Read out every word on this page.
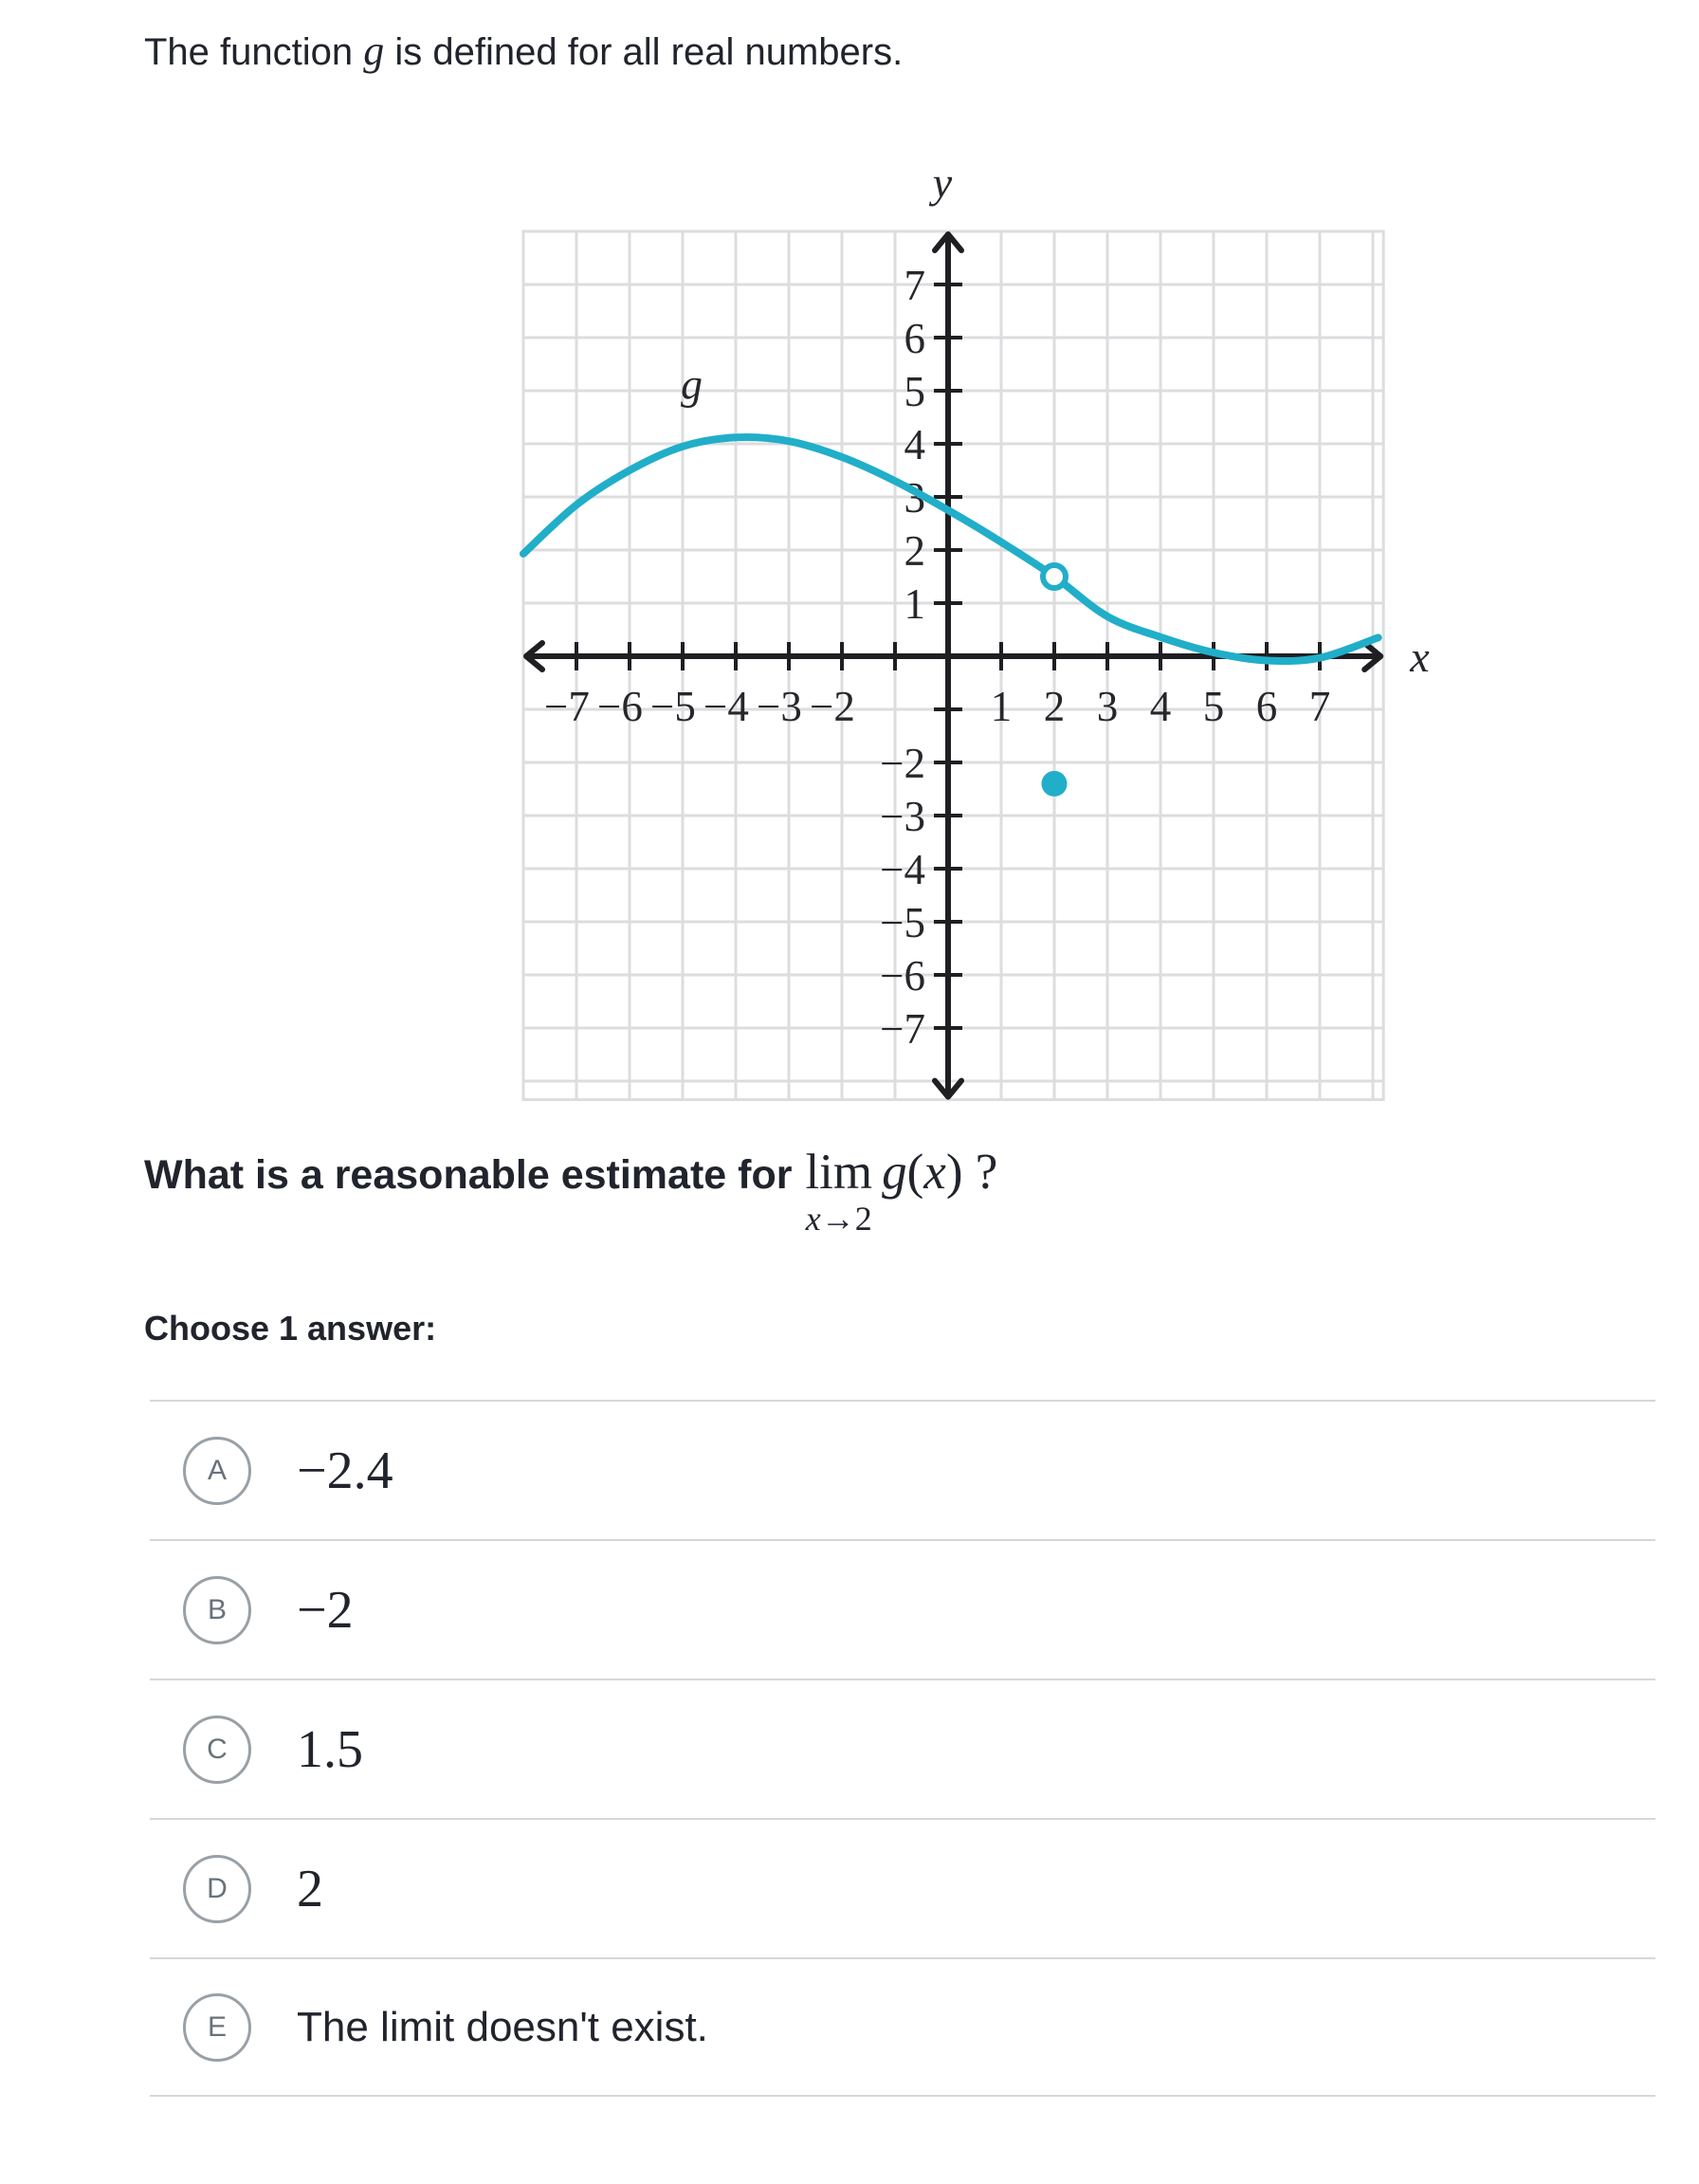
The function g is defined for all real numbers.
−7 −6 −5 −4 −3 −2	1 2 3 4 5 6 7
7
6
5
4
3
2
1
−2
−3
−4
−5
−6
−7
y
x
g
What is a reasonable estimate for lim
x→2
g(x) ?
Choose 1 answer:
A	−2.4
B	−2
C	1.5
D	2
E	The limit doesn't exist.
